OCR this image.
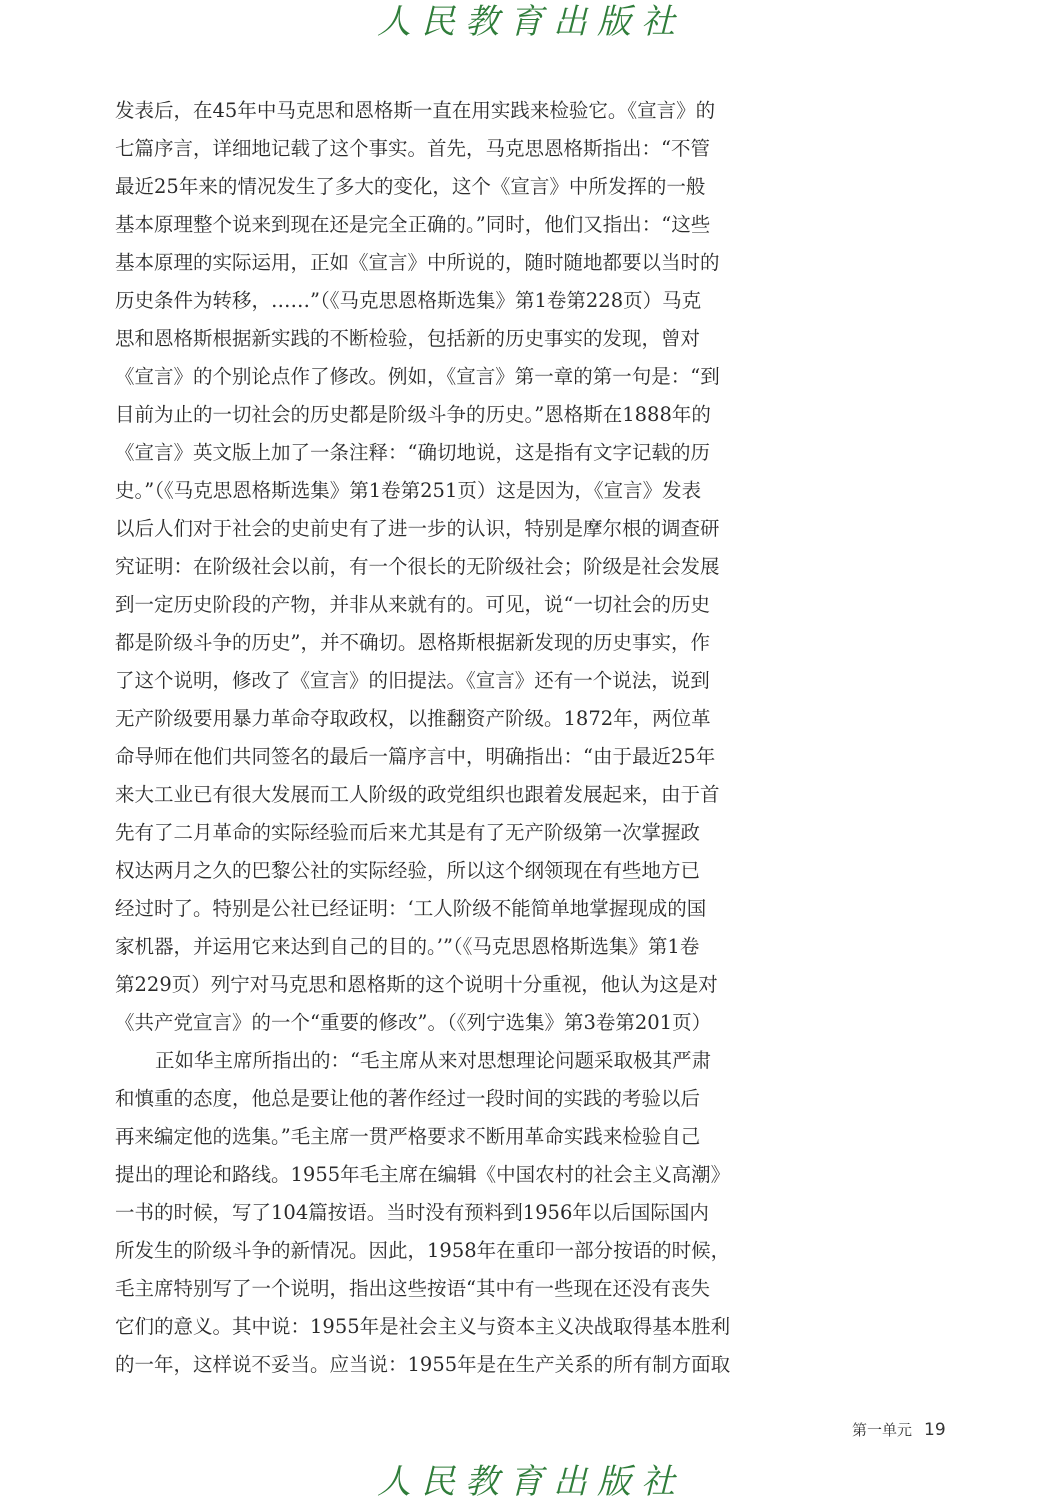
人民教育出版社
发表后，在45年中马克思和恩格斯一直在用实践来检验它。《宣言》的
七篇序言，详细地记载了这个事实。首先，马克思恩格斯指出：“不管
最近25年来的情况发生了多大的变化，这个《宣言》中所发挥的一般
基本原理整个说来到现在还是完全正确的。”同时，他们又指出：“这些
基本原理的实际运用，正如《宣言》中所说的，随时随地都要以当时的
历史条件为转移，……”（《马克思恩格斯选集》第1卷第228页）马克
思和恩格斯根据新实践的不断检验，包括新的历史事实的发现，曾对
《宣言》的个别论点作了修改。例如，《宣言》第一章的第一句是：“到
目前为止的一切社会的历史都是阶级斗争的历史。”恩格斯在1888年的
《宣言》英文版上加了一条注释：“确切地说，这是指有文字记载的历
史。”（《马克思恩格斯选集》第1卷第251页）这是因为，《宣言》发表
以后人们对于社会的史前史有了进一步的认识，特别是摩尔根的调查研
究证明：在阶级社会以前，有一个很长的无阶级社会；阶级是社会发展
到一定历史阶段的产物，并非从来就有的。可见，说“一切社会的历史
都是阶级斗争的历史”，并不确切。恩格斯根据新发现的历史事实，作
了这个说明，修改了《宣言》的旧提法。《宣言》还有一个说法，说到
无产阶级要用暴力革命夺取政权，以推翻资产阶级。1872年，两位革
命导师在他们共同签名的最后一篇序言中，明确指出：“由于最近25年
来大工业已有很大发展而工人阶级的政党组织也跟着发展起来，由于首
先有了二月革命的实际经验而后来尤其是有了无产阶级第一次掌握政
权达两月之久的巴黎公社的实际经验，所以这个纲领现在有些地方已
经过时了。特别是公社已经证明：‘工人阶级不能简单地掌握现成的国
家机器，并运用它来达到自己的目的。’”（《马克思恩格斯选集》第1卷
第229页）列宁对马克思和恩格斯的这个说明十分重视，他认为这是对
《共产党宣言》的一个“重要的修改”。（《列宁选集》第3卷第201页）
正如华主席所指出的：“毛主席从来对思想理论问题采取极其严肃
和慎重的态度，他总是要让他的著作经过一段时间的实践的考验以后
再来编定他的选集。”毛主席一贯严格要求不断用革命实践来检验自己
提出的理论和路线。1955年毛主席在编辑《中国农村的社会主义高潮》
一书的时候，写了104篇按语。当时没有预料到1956年以后国际国内
所发生的阶级斗争的新情况。因此，1958年在重印一部分按语的时候，
毛主席特别写了一个说明，指出这些按语“其中有一些现在还没有丧失
它们的意义。其中说：1955年是社会主义与资本主义决战取得基本胜利
的一年，这样说不妥当。应当说：1955年是在生产关系的所有制方面取
第一单元 19
人民教育出版社
